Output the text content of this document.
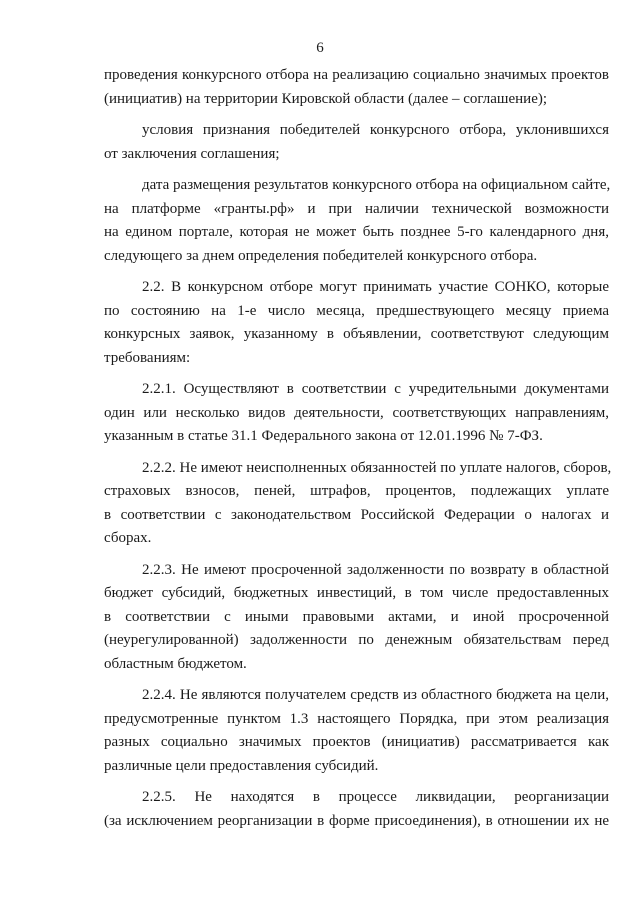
6
проведения конкурсного отбора на реализацию социально значимых проектов
(инициатив) на территории Кировской области (далее – соглашение);
условия признания победителей конкурсного отбора, уклонившихся
от заключения соглашения;
дата размещения результатов конкурсного отбора на официальном сайте,
на платформе «гранты.рф» и при наличии технической возможности
на едином портале, которая не может быть позднее 5-го календарного дня,
следующего за днем определения победителей конкурсного отбора.
2.2. В конкурсном отборе могут принимать участие СОНКО, которые
по состоянию на 1-е число месяца, предшествующего месяцу приема
конкурсных заявок, указанному в объявлении, соответствуют следующим
требованиям:
2.2.1. Осуществляют в соответствии с учредительными документами
один или несколько видов деятельности, соответствующих направлениям,
указанным в статье 31.1 Федерального закона от 12.01.1996 № 7-ФЗ.
2.2.2. Не имеют неисполненных обязанностей по уплате налогов, сборов,
страховых взносов, пеней, штрафов, процентов, подлежащих уплате
в соответствии с законодательством Российской Федерации о налогах и
сборах.
2.2.3. Не имеют просроченной задолженности по возврату в областной
бюджет субсидий, бюджетных инвестиций, в том числе предоставленных
в соответствии с иными правовыми актами, и иной просроченной
(неурегулированной) задолженности по денежным обязательствам перед
областным бюджетом.
2.2.4. Не являются получателем средств из областного бюджета на цели,
предусмотренные пунктом 1.3 настоящего Порядка, при этом реализация
разных социально значимых проектов (инициатив) рассматривается как
различные цели предоставления субсидий.
2.2.5. Не находятся в процессе ликвидации, реорганизации
(за исключением реорганизации в форме присоединения), в отношении их не
